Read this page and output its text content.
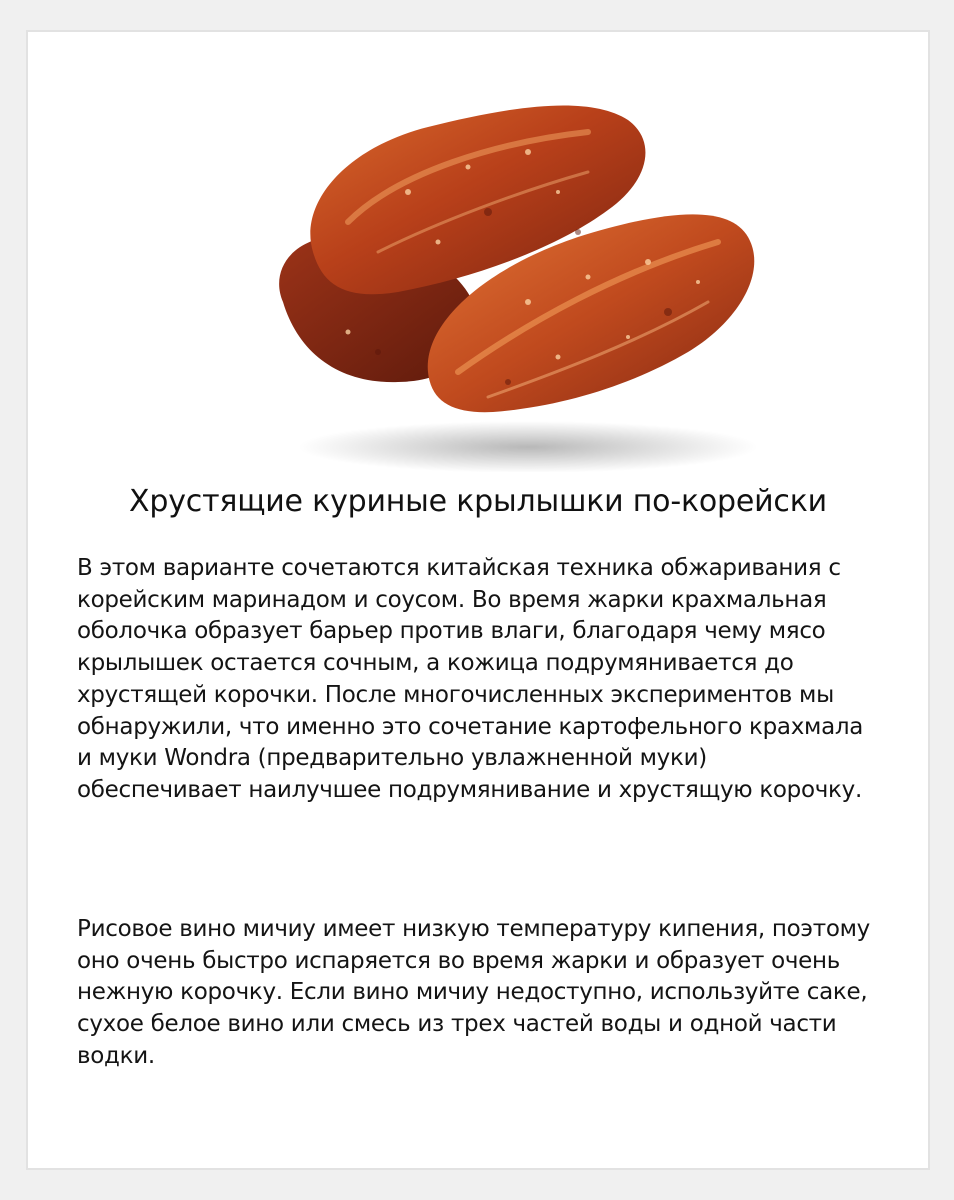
Хрустящие куриные крылышки по-корейски

В этом варианте сочетаются китайская техника обжаривания с корейским маринадом и соусом. Во время жарки крахмальная оболочка образует барьер против влаги, благодаря чему мясо крылышек остается сочным, а кожица подрумянивается до хрустящей корочки. После многочисленных экспериментов мы обнаружили, что именно это сочетание картофельного крахмала и муки Wondra (предварительно увлажненной муки) обеспечивает наилучшее подрумянивание и хрустящую корочку.

Рисовое вино мичиу имеет низкую температуру кипения, поэтому оно очень быстро испаряется во время жарки и образует очень нежную корочку. Если вино мичиу недоступно, используйте саке, сухое белое вино или смесь из трех частей воды и одной части водки.
